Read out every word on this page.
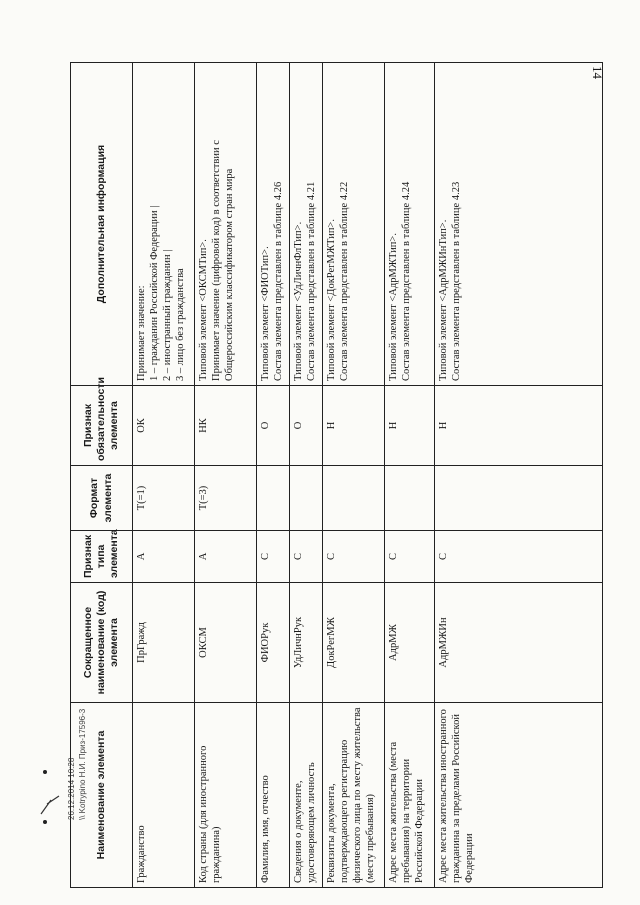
14
26.12.2014 10:28 \\ Kotrypino Н.И. Приз-17596-3 Наименование элемента	Сокращенное наименование (код) элемента	Признак типа элемента	Формат элемента	Признак обязательности элемента	Дополнительная информация
Гражданство	ПрГражд	А	Т(=1)	ОК	Принимает значение:
1 – гражданин Российской Федерации |
2 – иностранный гражданин |
3 – лицо без гражданства
Код страны (для иностранного гражданина)	ОКСМ	А	Т(=3)	НК	Типовой элемент <ОКСМТип>.
Принимает значение (цифровой код) в соответствии с Общероссийским классификатором стран мира
Фамилия, имя, отчество	ФИОРук	С		О	Типовой элемент <ФИОТип>.
Состав элемента представлен в таблице 4.26
Сведения о документе, удостоверяющем личность	УдЛичнРук	С		О	Типовой элемент <УдЛичнФлТип>.
Состав элемента представлен в таблице 4.21
Реквизиты документа, подтверждающего регистрацию физического лица по месту жительства (месту пребывания)	ДокРегМЖ	С		Н	Типовой элемент <ДокРегМЖТип>.
Состав элемента представлен в таблице 4.22
Адрес места жительства (места пребывания) на территории Российской Федерации	АдрМЖ	С		Н	Типовой элемент <АдрМЖТип>.
Состав элемента представлен в таблице 4.24
Адрес места жительства иностранного гражданина за пределами Российской Федерации	АдрМЖИн	С		Н	Типовой элемент <АдрМЖИнТип>.
Состав элемента представлен в таблице 4.23
